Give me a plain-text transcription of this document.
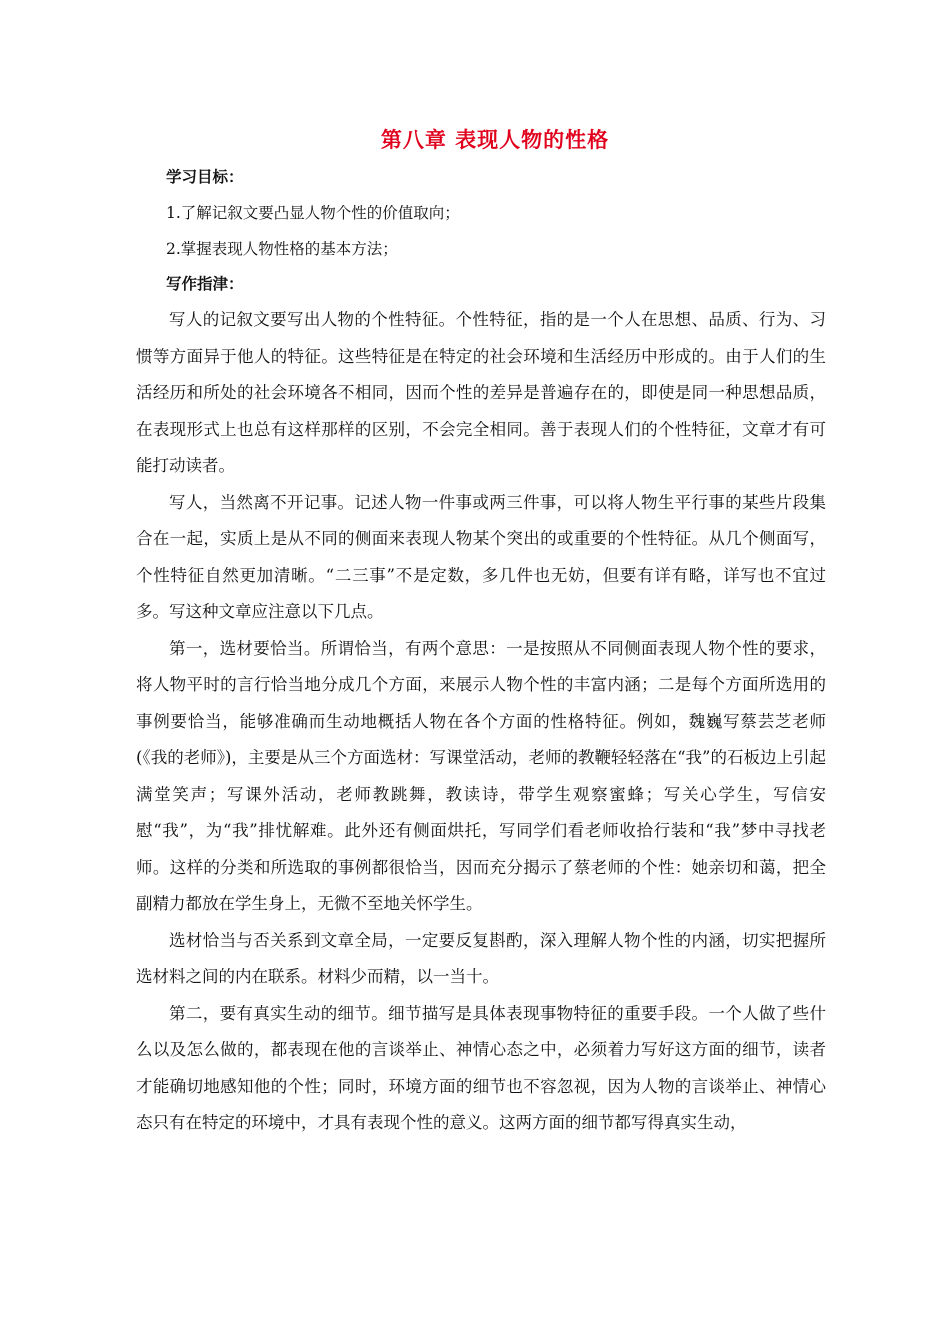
第八章 表现人物的性格
学习目标：
1.了解记叙文要凸显人物个性的价值取向；
2.掌握表现人物性格的基本方法；
写作指津：

写人的记叙文要写出人物的个性特征。个性特征，指的是一个人在思想、品质、行为、习惯等方面异于他人的特征。这些特征是在特定的社会环境和生活经历中形成的。由于人们的生活经历和所处的社会环境各不相同，因而个性的差异是普遍存在的，即使是同一种思想品质，在表现形式上也总有这样那样的区别，不会完全相同。善于表现人们的个性特征，文章才有可能打动读者。

写人，当然离不开记事。记述人物一件事或两三件事，可以将人物生平行事的某些片段集合在一起，实质上是从不同的侧面来表现人物某个突出的或重要的个性特征。从几个侧面写，个性特征自然更加清晰。“二三事”不是定数，多几件也无妨，但要有详有略，详写也不宜过多。写这种文章应注意以下几点。

第一，选材要恰当。所谓恰当，有两个意思：一是按照从不同侧面表现人物个性的要求，将人物平时的言行恰当地分成几个方面，来展示人物个性的丰富内涵；二是每个方面所选用的事例要恰当，能够准确而生动地概括人物在各个方面的性格特征。例如，魏巍写蔡芸芝老师(《我的老师》)，主要是从三个方面选材：写课堂活动，老师的教鞭轻轻落在“我”的石板边上引起满堂笑声；写课外活动，老师教跳舞，教读诗，带学生观察蜜蜂；写关心学生，写信安慰“我”，为“我”排忧解难。此外还有侧面烘托，写同学们看老师收拾行装和“我”梦中寻找老师。这样的分类和所选取的事例都很恰当，因而充分揭示了蔡老师的个性：她亲切和蔼，把全副精力都放在学生身上，无微不至地关怀学生。

选材恰当与否关系到文章全局，一定要反复斟酌，深入理解人物个性的内涵，切实把握所选材料之间的内在联系。材料少而精，以一当十。

第二，要有真实生动的细节。细节描写是具体表现事物特征的重要手段。一个人做了些什么以及怎么做的，都表现在他的言谈举止、神情心态之中，必须着力写好这方面的细节，读者才能确切地感知他的个性；同时，环境方面的细节也不容忽视，因为人物的言谈举止、神情心态只有在特定的环境中，才具有表现个性的意义。这两方面的细节都写得真实生动，
